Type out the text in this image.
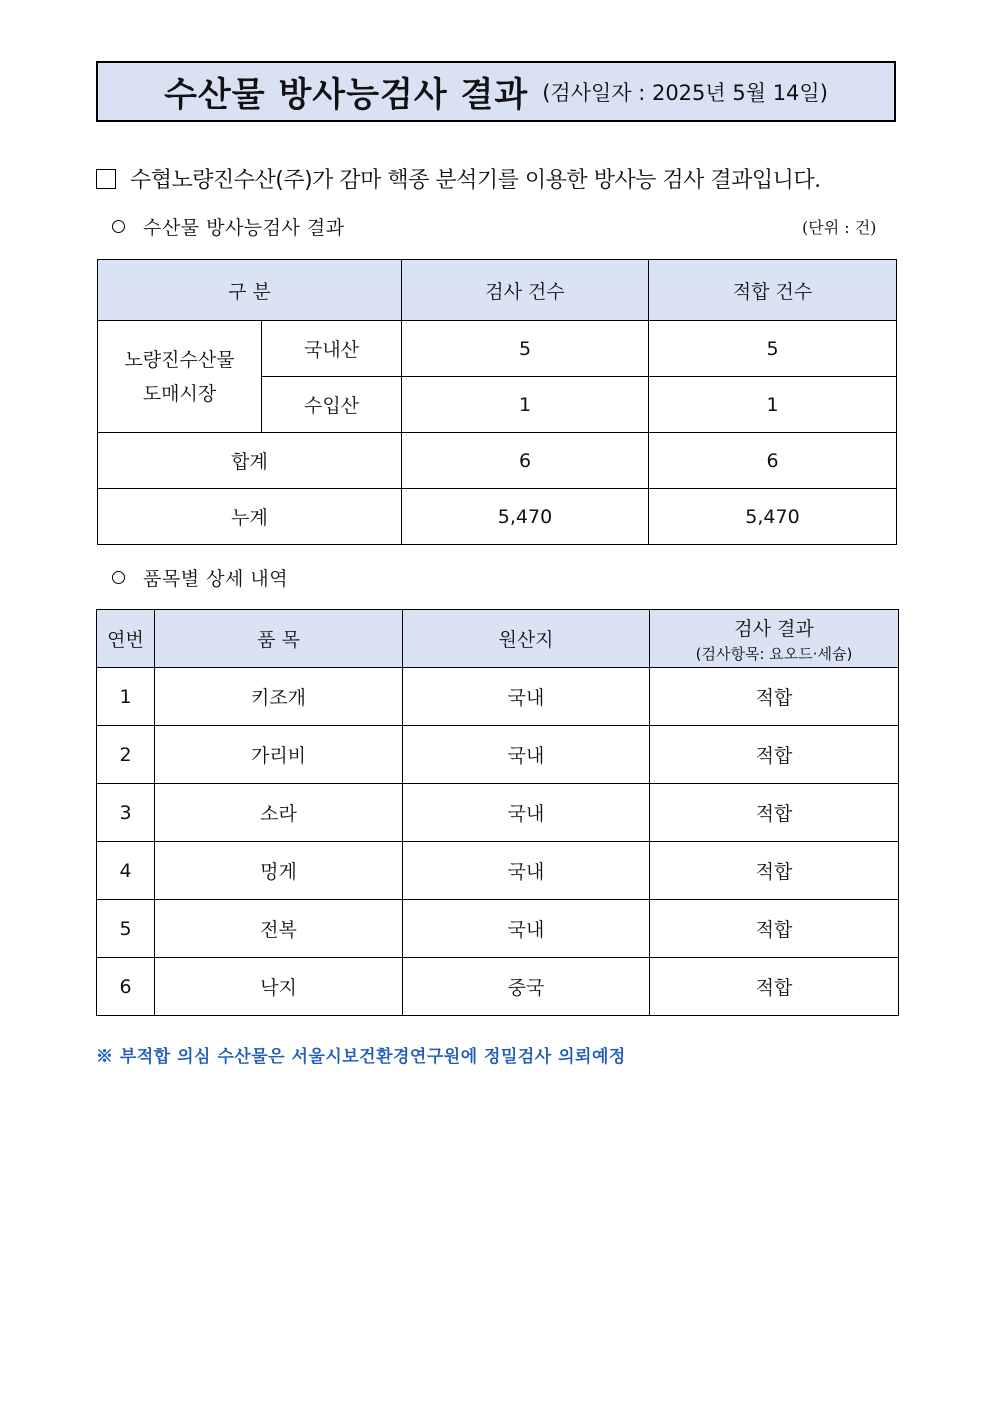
수산물 방사능검사 결과 (검사일자 : 2025년 5월 14일)
수협노량진수산(주)가 감마 핵종 분석기를 이용한 방사능 검사 결과입니다.
수산물 방사능검사 결과	(단위 : 건)
구 분		검사 건수	적합 건수
노량진수산물
도매시장	국내산	5	5
	수입산	1	1
합계		6	6
누계		5,470	5,470
품목별 상세 내역
연번	품 목	원산지	검사 결과
(검사항목: 요오드·세슘)

1	키조개	국내	적합
2	가리비	국내	적합
3	소라	국내	적합
4	멍게	국내	적합
5	전복	국내	적합
6	낙지	중국	적합
※ 부적합 의심 수산물은 서울시보건환경연구원에 정밀검사 의뢰예정
